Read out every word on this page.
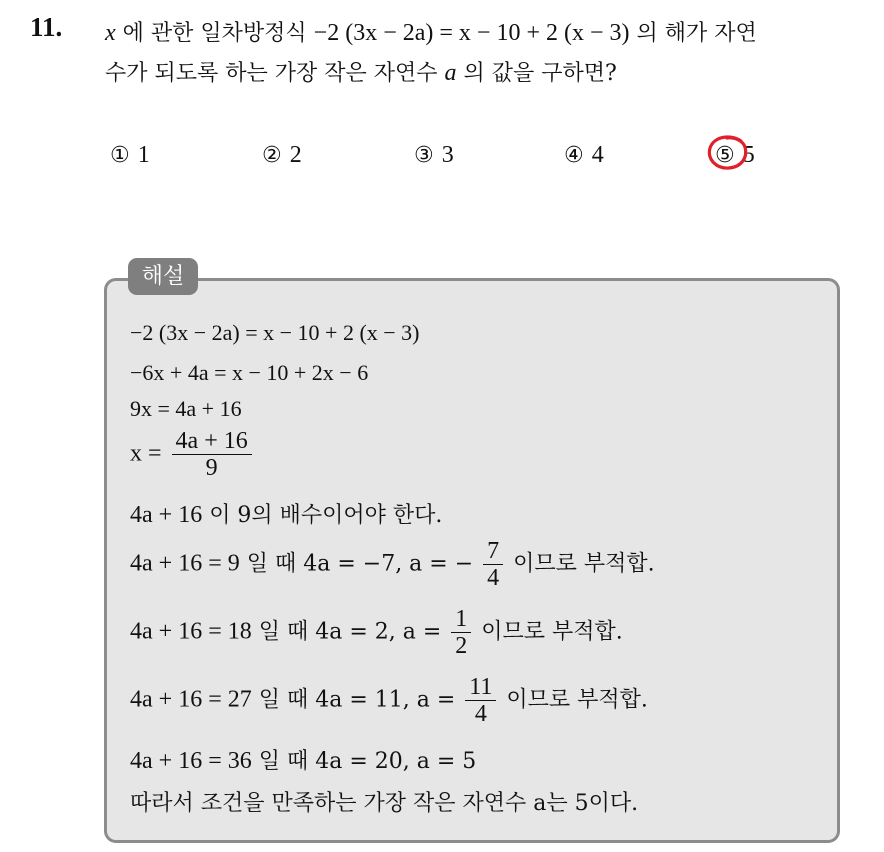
11. x 에 관한 일차방정식 −2 (3x − 2a) = x − 10 + 2 (x − 3) 의 해가 자연
수가 되도록 하는 가장 작은 자연수 a 의 값을 구하면?
① 1	② 2	③ 3	④ 4	⑤ 5
해설
−2 (3x − 2a) = x − 10 + 2 (x − 3)
−6x + 4a = x − 10 + 2x − 6
9x = 4a + 16
$x = \frac{4a + 16}{9}$
4a + 16 이 9의 배수이어야 한다.
4a + 16 = 9 일 때 4a = −7, a = − $\frac{7}{4}$ 이므로 부적합.
4a + 16 = 18 일 때 4a = 2, $a = \frac{1}{2}$ 이므로 부적합.
4a + 16 = 27 일 때 4a = 11, $a = \frac{11}{4}$ 이므로 부적합.
4a + 16 = 36 일 때 4a = 20, a = 5
따라서 조건을 만족하는 가장 작은 자연수 a는 5이다.
